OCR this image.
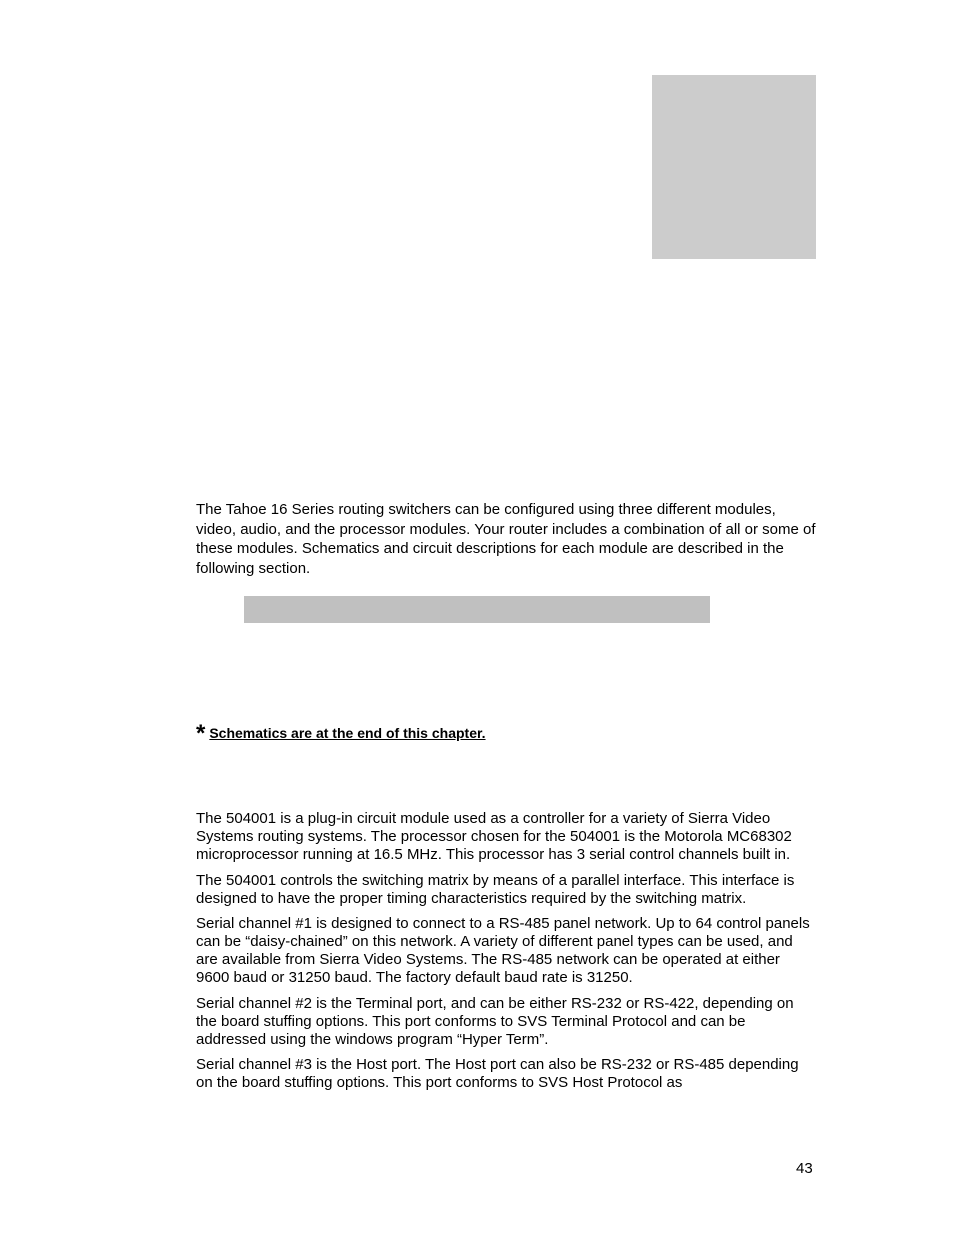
The Tahoe 16 Series routing switchers can be configured using three different modules, video, audio, and the processor modules. Your router includes a combination of all or some of these modules. Schematics and circuit descriptions for each module are described in the following section.

* Schematics are at the end of this chapter.

The 504001 is a plug-in circuit module used as a controller for a variety of Sierra Video Systems routing systems. The processor chosen for the 504001 is the Motorola MC68302 microprocessor running at 16.5 MHz. This processor has 3 serial control channels built in.

The 504001 controls the switching matrix by means of a parallel interface. This interface is designed to have the proper timing characteristics required by the switching matrix.

Serial channel #1 is designed to connect to a RS-485 panel network. Up to 64 control panels can be “daisy-chained” on this network. A variety of different panel types can be used, and are available from Sierra Video Systems. The RS-485 network can be operated at either 9600 baud or 31250 baud. The factory default baud rate is 31250.

Serial channel #2 is the Terminal port, and can be either RS-232 or RS-422, depending on the board stuffing options. This port conforms to SVS Terminal Protocol and can be addressed using the windows program “Hyper Term”.

Serial channel #3 is the Host port. The Host port can also be RS-232 or RS-485 depending on the board stuffing options. This port conforms to SVS Host Protocol as

43
